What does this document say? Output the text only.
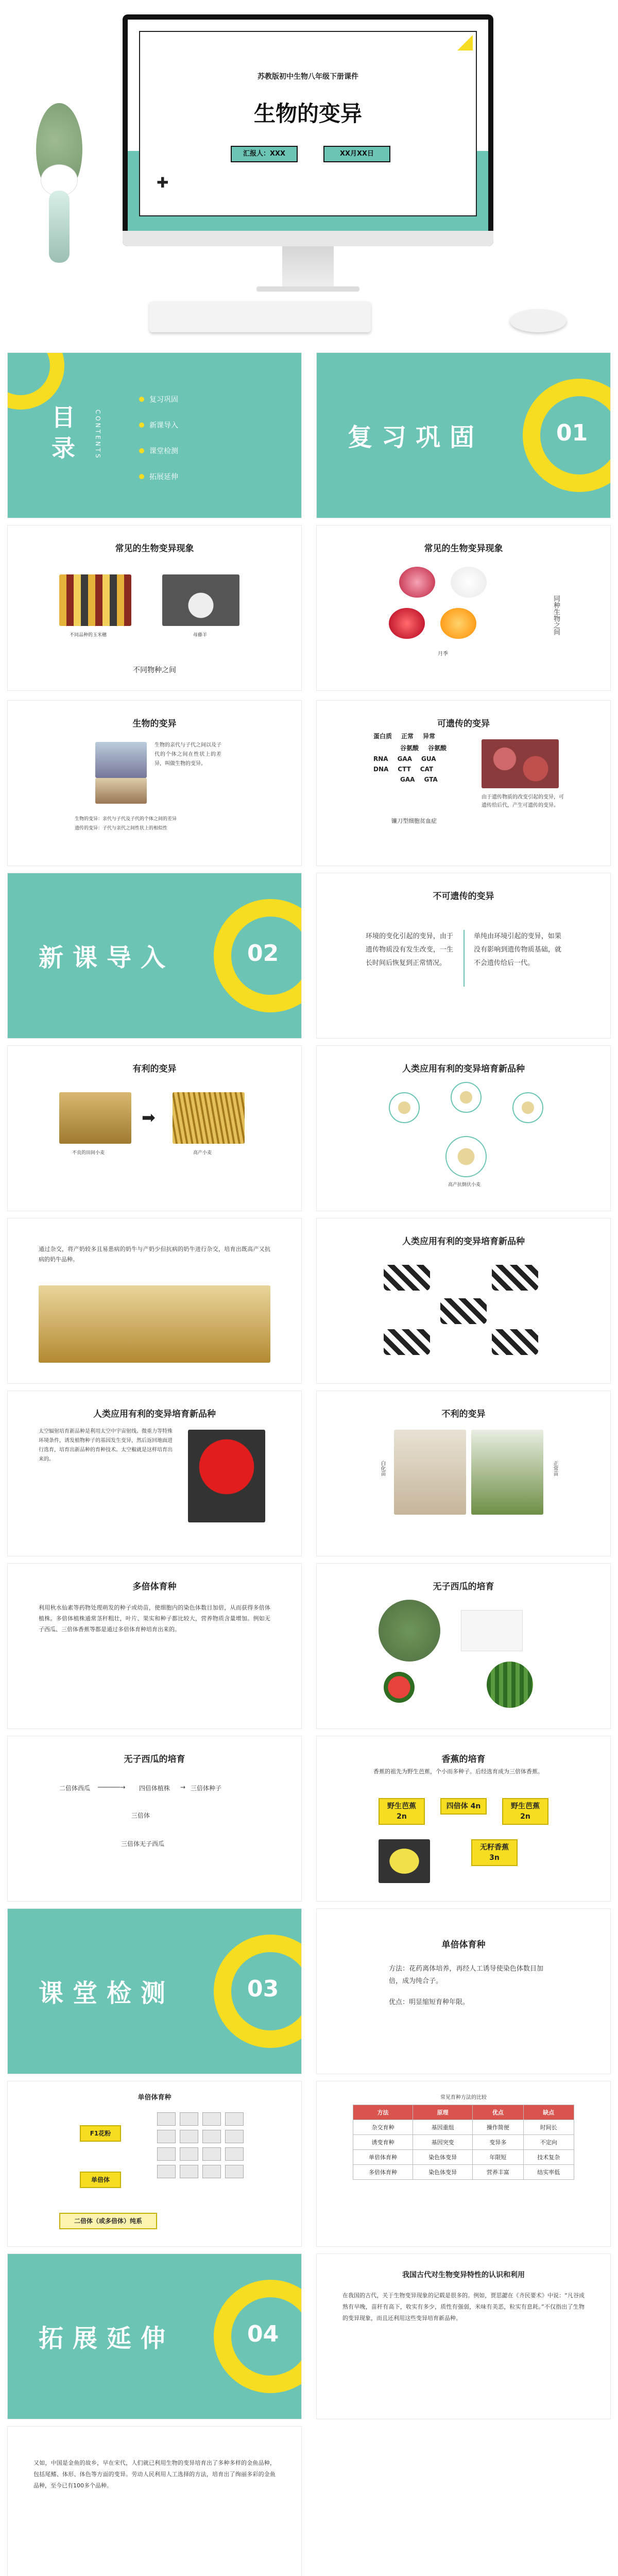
苏教版初中生物八年级下册课件
生物的变异
汇报人：XXX	XX月XX日
✚
目录	CONTENTS
复习巩固
新课导入
课堂检测
拓展延伸
复习巩固	01
常见的生物变异现象
不同品种的玉米穗	母藤羊
不同物种之间
常见的生物变异现象
月季
同种生物之间
生物的变异
生物的亲代与子代之间以及子代的个体之间在性状上的差异，叫做生物的变异。
生物的变异：亲代与子代及子代的个体之间的差异
遗传的变异：子代与亲代之间性状上的相似性
可遗传的变异
蛋白质 正常 异常
谷氨酸 谷氨酸
RNA GAA GUA
DNA CTT CAT
GAA GTA
镰刀型细胞贫血症
由于遗传物质的改变引起的变异，可遗传给后代，产生可遗传的变异。
新课导入	02
不可遗传的变异
环境的变化引起的变异，由于遗传物质没有发生改变，一生长时间后恢复到正常情况。
单纯由环境引起的变异，如果没有影响到遗传物质基础，就不会遗传给后一代。
有利的变异
➡
不良的田间小麦	高产小麦
人类应用有利的变异培育新品种
高产抗倒伏小麦
通过杂交，将产奶较多且易患病的奶牛与产奶少但抗病的奶牛进行杂交，培育出既高产又抗病的奶牛品种。
人类应用有利的变异培育新品种
人类应用有利的变异培育新品种
太空辐射培育新品种是利用太空中宇宙射线、微重力等特殊环境条件，诱发植物种子的基因发生变异，然后返回地面进行选育，培育出新品种的育种技术。太空椒就是这样培育出来的。
不利的变异
白化苗	正常苗
多倍体育种
利用秋水仙素等药物处理萌发的种子或幼苗，使细胞内的染色体数目加倍，从而获得多倍体植株。多倍体植株通常茎秆粗壮，叶片、果实和种子都比较大，营养物质含量增加。例如无子西瓜、三倍体香蕉等都是通过多倍体育种培育出来的。
无子西瓜的培育
无子西瓜的培育
二倍体西瓜 ──────→ 四倍体植株 → 三倍体种子
三倍体
三倍体无子西瓜
香蕉的培育
香蕉的祖先为野生芭蕉，个小而多种子。后经选育成为三倍体香蕉。
野生芭蕉 2n
四倍体 4n	野生芭蕉 2n
无籽香蕉 3n
课堂检测	03
单倍体育种
方法：花药离体培养，再经人工诱导使染色体数目加倍，成为纯合子。
优点：明显缩短育种年限。
单倍体育种
F1花粉
单倍体
二倍体（或多倍体）纯系
常见育种方法的比较
方法	原理	优点	缺点
杂交育种	基因重组	操作简便	时间长
诱变育种	基因突变	变异多	不定向
单倍体育种	染色体变异	年限短	技术复杂
多倍体育种	染色体变异	营养丰富	结实率低
拓展延伸	04
我国古代对生物变异特性的认识和利用
在我国的古代，关于生物变异现象的记载是很多的。例如，贾思勰在《齐民要术》中说：“凡谷成熟有早晚，苗秆有高下，收实有多少，质性有强弱，米味有美恶，粒实有息耗。”不仅指出了生物的变异现象，而且还利用这些变异培育新品种。
又如，中国是金鱼的故乡，早在宋代，人们就已利用生物的变异培育出了多种多样的金鱼品种，包括尾鳍、体形、体色等方面的变异。劳动人民利用人工选择的方法，培育出了绚丽多彩的金鱼品种，至今已有100多个品种。
